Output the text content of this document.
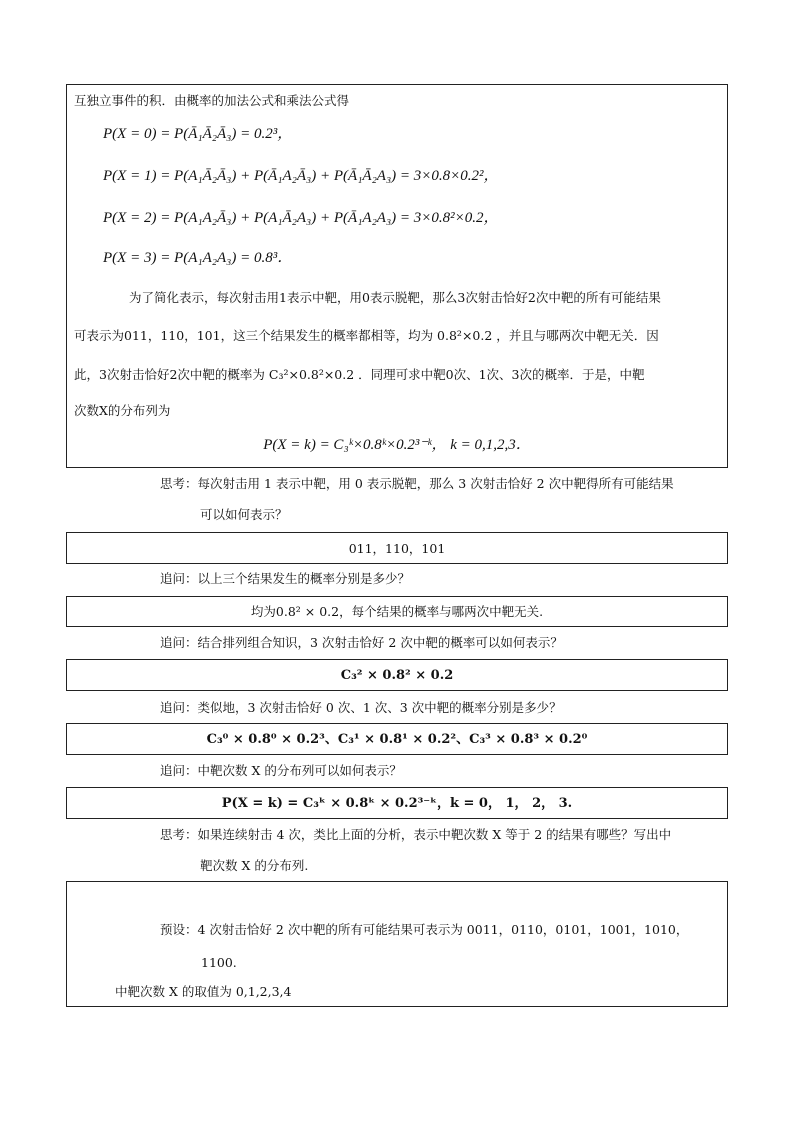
互独立事件的积．由概率的加法公式和乘法公式得
P(X = 0) = P(Ā₁Ā₂Ā₃) = 0.2³，
P(X = 1) = P(A₁Ā₂Ā₃) + P(Ā₁A₂Ā₃) + P(Ā₁Ā₂A₃) = 3×0.8×0.2²，
P(X = 2) = P(A₁A₂Ā₃) + P(A₁Ā₂A₃) + P(Ā₁A₂A₃) = 3×0.8²×0.2，
P(X = 3) = P(A₁A₂A₃) = 0.8³．
为了简化表示，每次射击用1表示中靶，用0表示脱靶，那么3次射击恰好2次中靶的所有可能结果
可表示为011，110，101，这三个结果发生的概率都相等，均为 0.8²×0.2 ，并且与哪两次中靶无关．因
此，3次射击恰好2次中靶的概率为 C₃²×0.8²×0.2 ．同理可求中靶0次、1次、3次的概率．于是，中靶
次数X的分布列为
P(X = k) = C₃ᵏ×0.8ᵏ×0.2³⁻ᵏ， k = 0,1,2,3．
思考：每次射击用 1 表示中靶，用 0 表示脱靶，那么 3 次射击恰好 2 次中靶得所有可能结果
可以如何表示？
011，110，101
追问：以上三个结果发生的概率分别是多少？
均为0.8² × 0.2，每个结果的概率与哪两次中靶无关.
追问：结合排列组合知识，3 次射击恰好 2 次中靶的概率可以如何表示？
C₃² × 0.8² × 0.2
追问：类似地，3 次射击恰好 0 次、1 次、3 次中靶的概率分别是多少？
C₃⁰ × 0.8⁰ × 0.2³、C₃¹ × 0.8¹ × 0.2²、C₃³ × 0.8³ × 0.2⁰
追问：中靶次数 X 的分布列可以如何表示？
P(X = k) = C₃ᵏ × 0.8ᵏ × 0.2³⁻ᵏ，k = 0， 1， 2， 3.
思考：如果连续射击 4 次，类比上面的分析，表示中靶次数 X 等于 2 的结果有哪些？写出中
靶次数 X 的分布列.
预设：4 次射击恰好 2 次中靶的所有可能结果可表示为 0011，0110，0101，1001，1010，
1100.
中靶次数 X 的取值为 0,1,2,3,4
